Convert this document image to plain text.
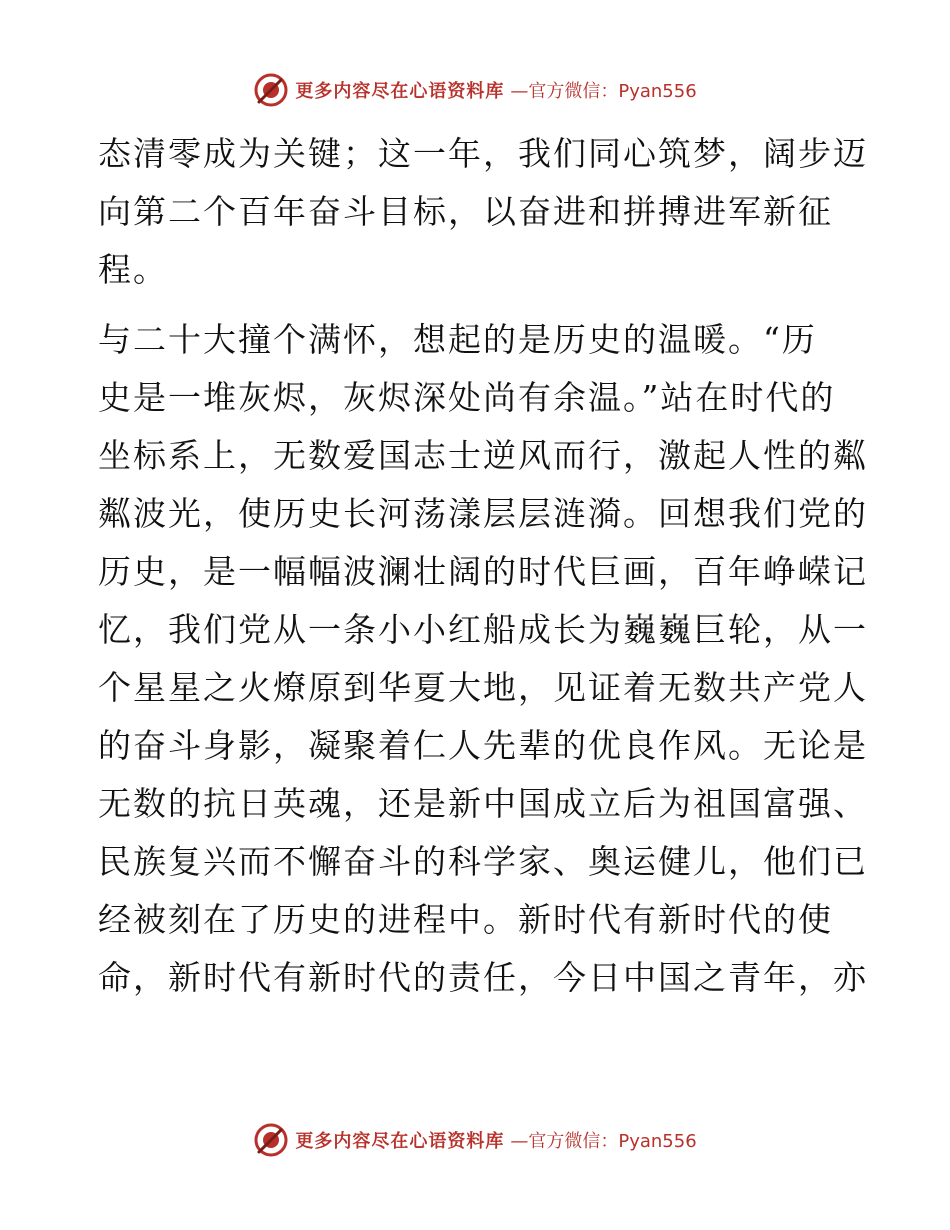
更多内容尽在心语资料库 —官方微信：Pyan556
态清零成为关键；这一年，我们同心筑梦，阔步迈
向第二个百年奋斗目标，以奋进和拼搏进军新征
程。
与二十大撞个满怀，想起的是历史的温暖。“历
史是一堆灰烬，灰烬深处尚有余温。”站在时代的
坐标系上，无数爱国志士逆风而行，激起人性的粼
粼波光，使历史长河荡漾层层涟漪。回想我们党的
历史，是一幅幅波澜壮阔的时代巨画，百年峥嵘记
忆，我们党从一条小小红船成长为巍巍巨轮，从一
个星星之火燎原到华夏大地，见证着无数共产党人
的奋斗身影，凝聚着仁人先辈的优良作风。无论是
无数的抗日英魂，还是新中国成立后为祖国富强、
民族复兴而不懈奋斗的科学家、奥运健儿，他们已
经被刻在了历史的进程中。新时代有新时代的使
命，新时代有新时代的责任，今日中国之青年，亦
更多内容尽在心语资料库 —官方微信：Pyan556
